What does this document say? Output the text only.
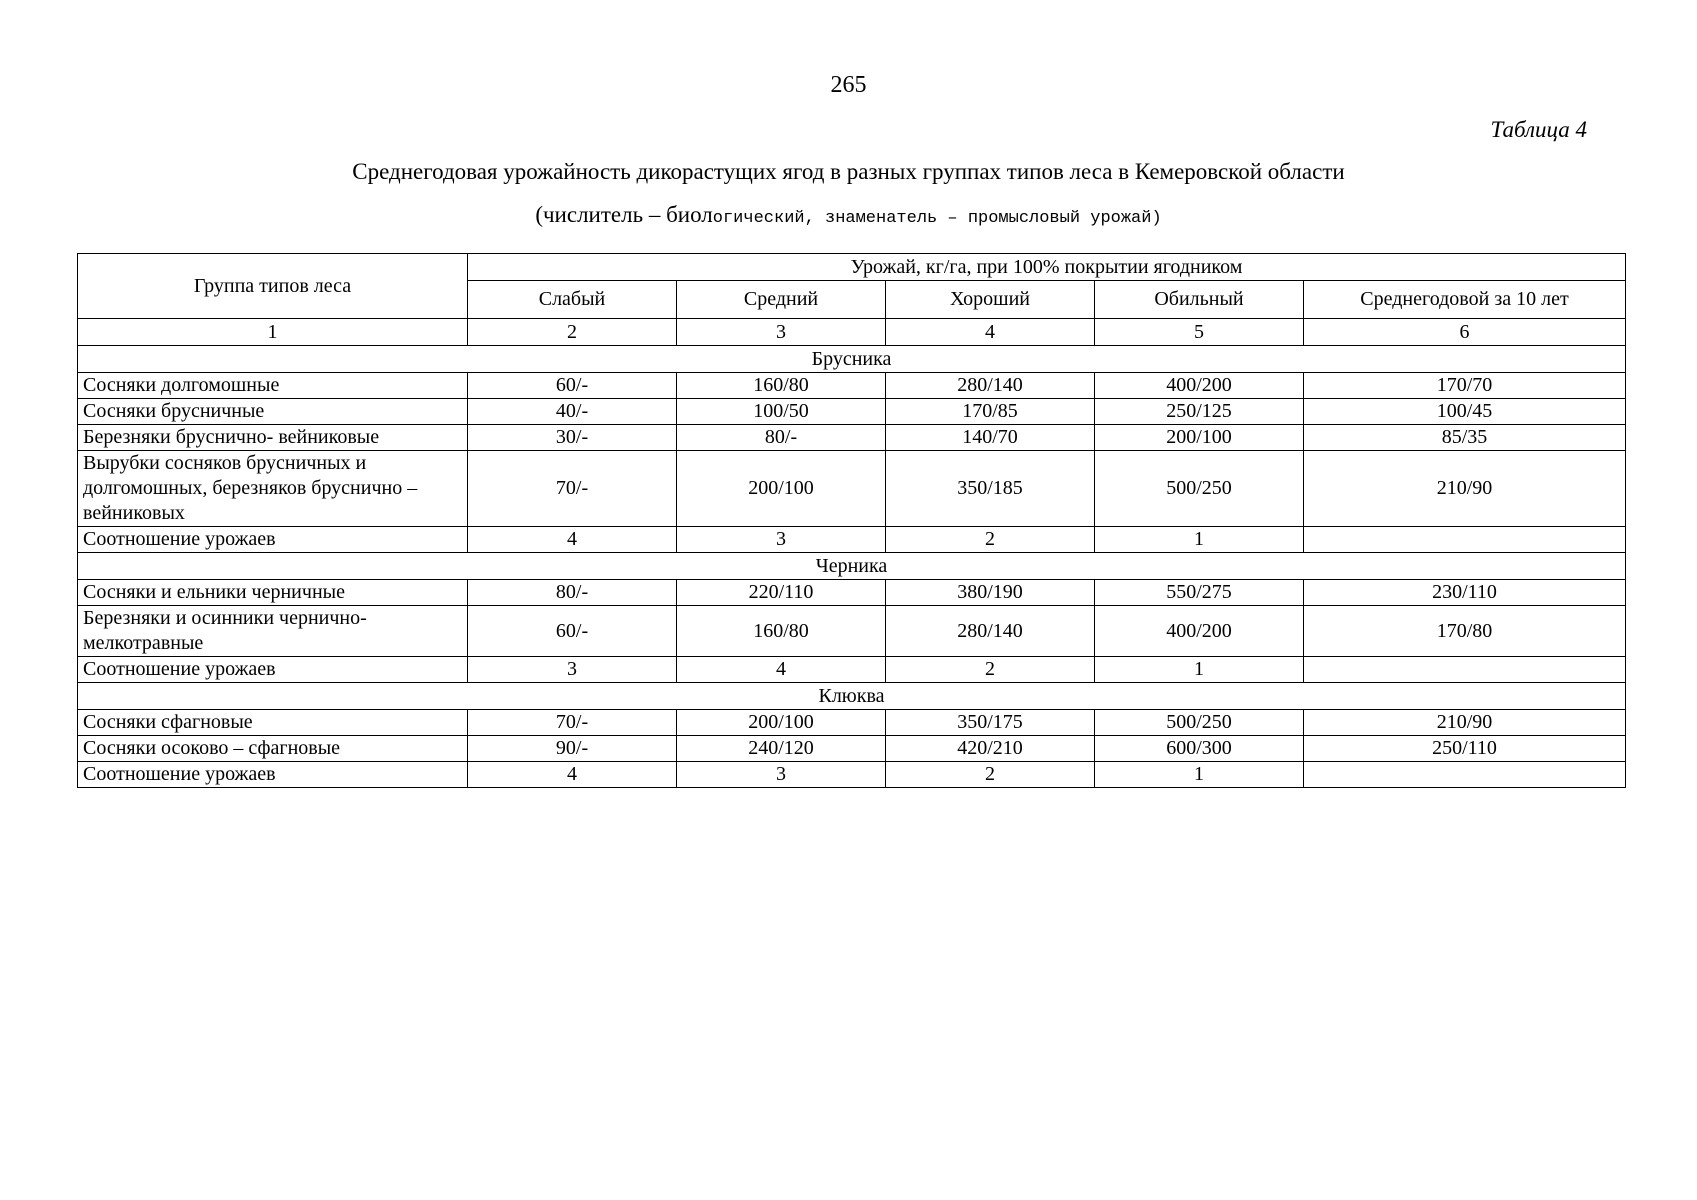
265
Таблица 4
Среднегодовая урожайность дикорастущих ягод в разных группах типов леса в Кемеровской области
(числитель – биологический, знаменатель – промысловый урожай)
Группа типов леса	Урожай, кг/га, при 100% покрытии ягодником				
	Слабый	Средний	Хороший	Обильный	Среднегодовой за 10 лет
1	2	3	4	5	6
Брусника					
Сосняки долгомошные	60/-	160/80	280/140	400/200	170/70
Сосняки брусничные	40/-	100/50	170/85	250/125	100/45
Березняки бруснично- вейниковые	30/-	80/-	140/70	200/100	85/35
Вырубки сосняков брусничных и долгомошных, березняков бруснично – вейниковых	70/-	200/100	350/185	500/250	210/90
Соотношение урожаев	4	3	2	1	
Черника					
Сосняки и ельники черничные	80/-	220/110	380/190	550/275	230/110
Березняки и осинники чернично-мелкотравные	60/-	160/80	280/140	400/200	170/80
Соотношение урожаев	3	4	2	1	
Клюква					
Сосняки сфагновые	70/-	200/100	350/175	500/250	210/90
Сосняки осоково – сфагновые	90/-	240/120	420/210	600/300	250/110
Соотношение урожаев	4	3	2	1	
